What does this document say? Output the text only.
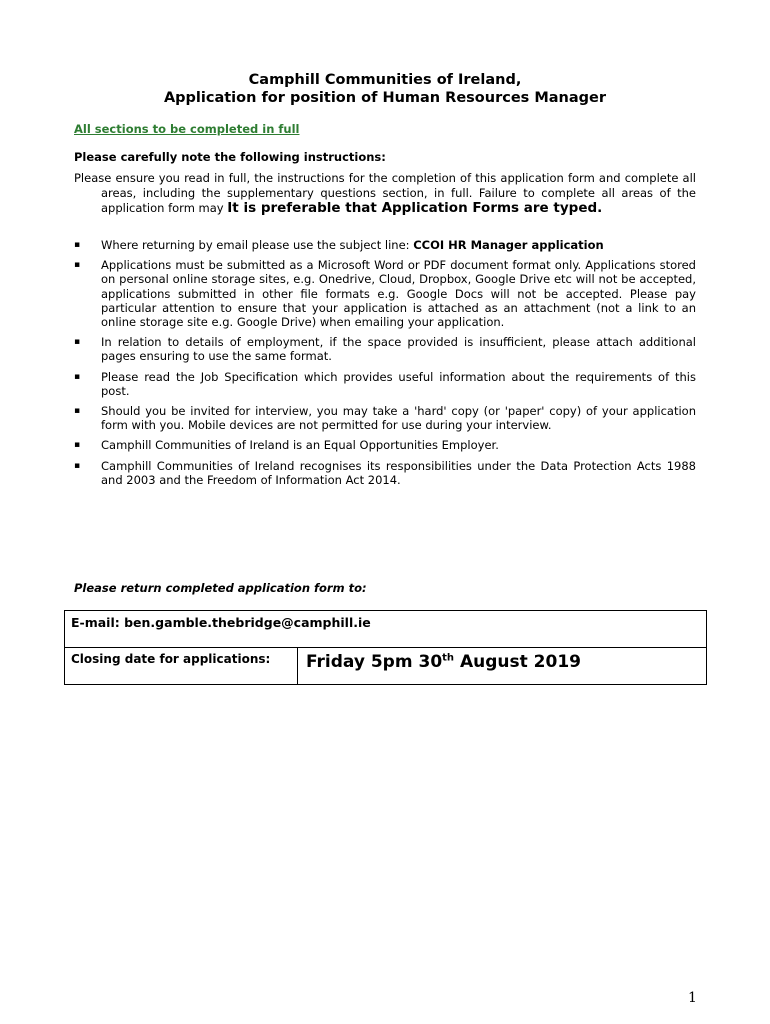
Camphill Communities of Ireland,
Application for position of Human Resources Manager
All sections to be completed in full
Please carefully note the following instructions:
Please ensure you read in full, the instructions for the completion of this application form and complete all areas, including the supplementary questions section, in full. Failure to complete all areas of the application form may It is preferable that Application Forms are typed.
▪ Where returning by email please use the subject line: CCOI HR Manager application
▪ Applications must be submitted as a Microsoft Word or PDF document format only. Applications stored on personal online storage sites, e.g. Onedrive, Cloud, Dropbox, Google Drive etc will not be accepted, applications submitted in other file formats e.g. Google Docs will not be accepted. Please pay particular attention to ensure that your application is attached as an attachment (not a link to an online storage site e.g. Google Drive) when emailing your application.
▪ In relation to details of employment, if the space provided is insufficient, please attach additional pages ensuring to use the same format.
▪ Please read the Job Specification which provides useful information about the requirements of this post.
▪ Should you be invited for interview, you may take a 'hard' copy (or 'paper' copy) of your application form with you. Mobile devices are not permitted for use during your interview.
▪ Camphill Communities of Ireland is an Equal Opportunities Employer.
▪ Camphill Communities of Ireland recognises its responsibilities under the Data Protection Acts 1988 and 2003 and the Freedom of Information Act 2014.
Please return completed application form to:
E-mail: ben.gamble.thebridge@camphill.ie
Closing date for applications:	Friday 5pm 30th August 2019
1
